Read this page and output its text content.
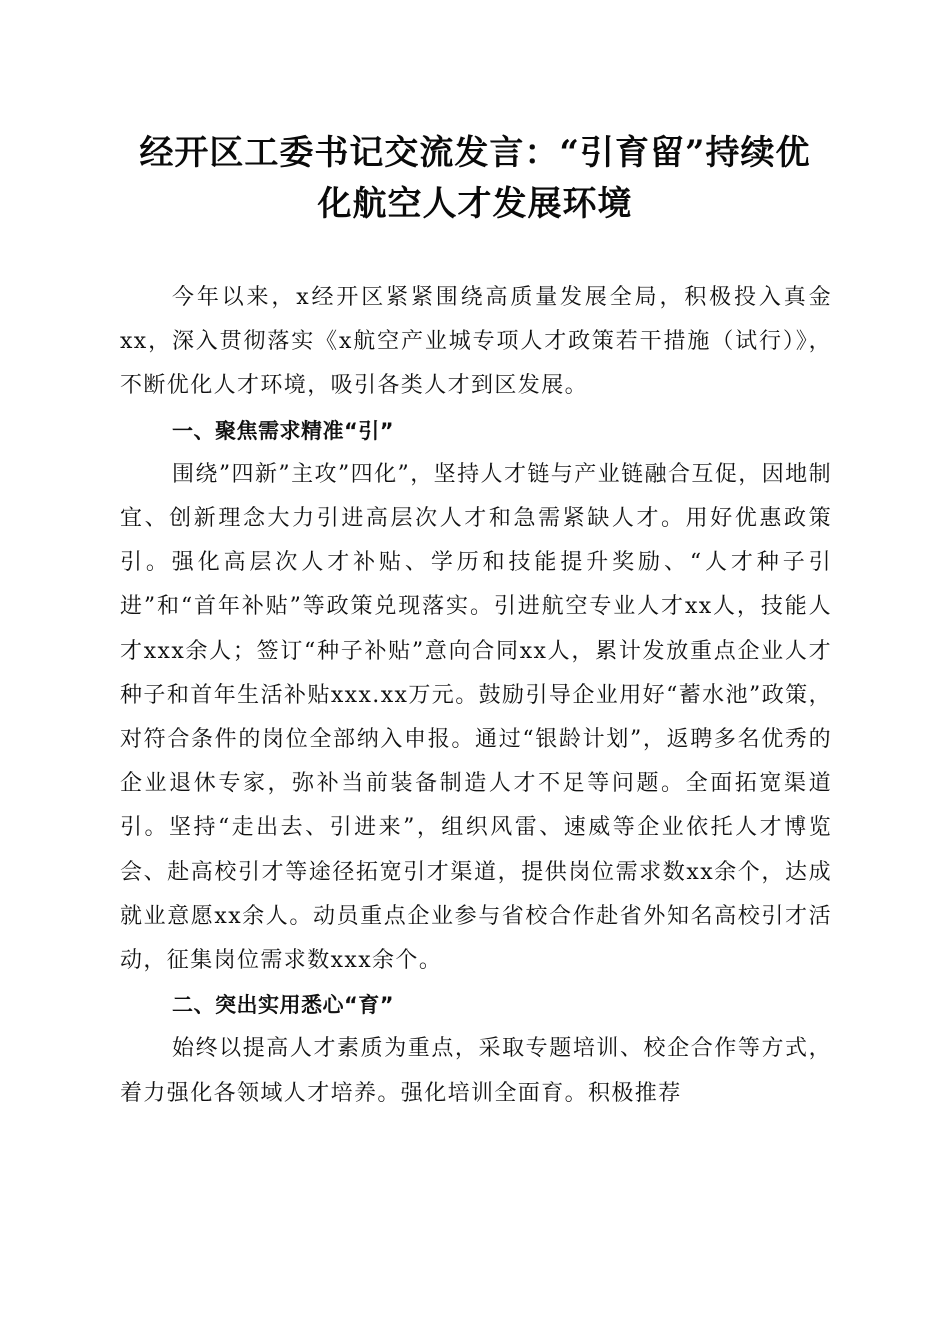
经开区工委书记交流发言：“引育留”持续优
化航空人才发展环境

今年以来，x经开区紧紧围绕高质量发展全局，积极投入真金xx，深入贯彻落实《x航空产业城专项人才政策若干措施（试行）》，不断优化人才环境，吸引各类人才到区发展。

一、聚焦需求精准“引”

围绕”四新”主攻”四化”，坚持人才链与产业链融合互促，因地制宜、创新理念大力引进高层次人才和急需紧缺人才。用好优惠政策引。强化高层次人才补贴、学历和技能提升奖励、“人才种子引进”和“首年补贴”等政策兑现落实。引进航空专业人才xx人，技能人才xxx余人；签订“种子补贴”意向合同xx人，累计发放重点企业人才种子和首年生活补贴xxx.xx万元。鼓励引导企业用好“蓄水池”政策，对符合条件的岗位全部纳入申报。通过“银龄计划”，返聘多名优秀的企业退休专家，弥补当前装备制造人才不足等问题。全面拓宽渠道引。坚持“走出去、引进来”，组织风雷、速威等企业依托人才博览会、赴高校引才等途径拓宽引才渠道，提供岗位需求数xx余个，达成就业意愿xx余人。动员重点企业参与省校合作赴省外知名高校引才活动，征集岗位需求数xxx余个。

二、突出实用悉心“育”

始终以提高人才素质为重点，采取专题培训、校企合作等方式，着力强化各领域人才培养。强化培训全面育。积极推荐
